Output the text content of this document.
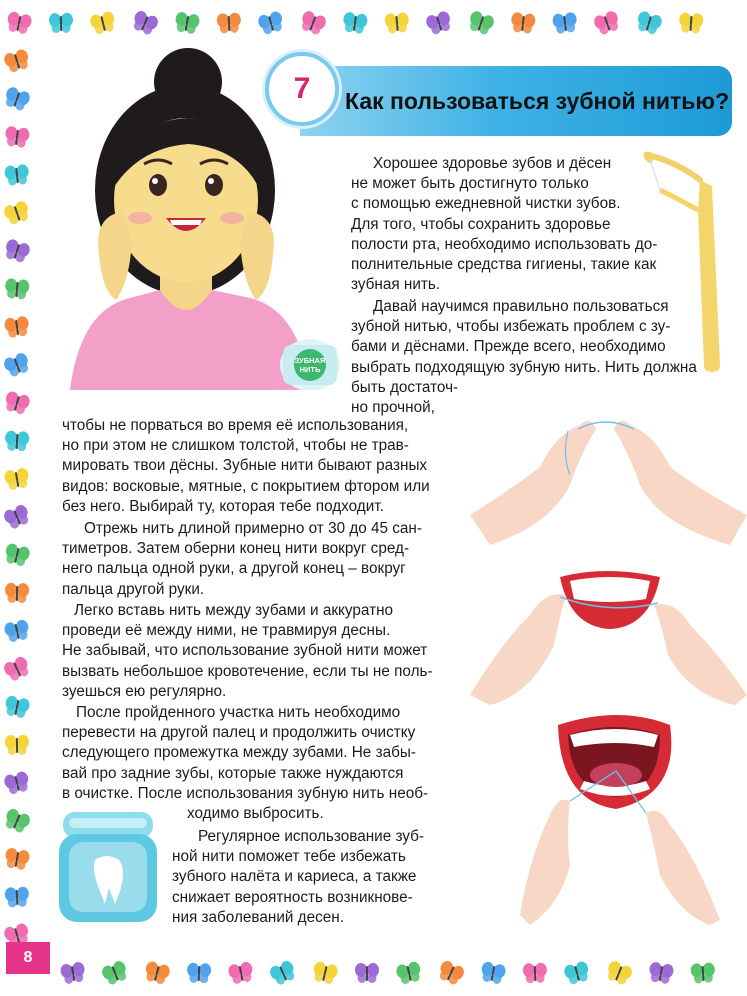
7 Как пользоваться зубной нитью?
ЗУБНАЯ
НИТЬ
Хорошее здоровье зубов и дёсен
не может быть достигнуто только
с помощью ежедневной чистки зубов.
Для того, чтобы сохранить здоровье
полости рта, необходимо использовать до-
полнительные средства гигиены, такие как
зубная нить.
Давай научимся правильно пользоваться
зубной нитью, чтобы избежать проблем с зу-
бами и дёснами. Прежде всего, необходимо
выбрать подходящую зубную нить. Нить должна
быть достаточ-
но прочной,
чтобы не порваться во время её использования,
но при этом не слишком толстой, чтобы не трав-
мировать твои дёсны. Зубные нити бывают разных
видов: восковые, мятные, с покрытием фтором или
без него. Выбирай ту, которая тебе подходит.
Отрежь нить длиной примерно от 30 до 45 сан-
тиметров. Затем оберни конец нити вокруг сред-
него пальца одной руки, а другой конец – вокруг
пальца другой руки.
Легко вставь нить между зубами и аккуратно
проведи её между ними, не травмируя десны.
Не забывай, что использование зубной нити может
вызвать небольшое кровотечение, если ты не поль-
зуешься ею регулярно.
После пройденного участка нить необходимо
перевести на другой палец и продолжить очистку
следующего промежутка между зубами. Не забы-
вай про задние зубы, которые также нуждаются
в очистке. После использования зубную нить необ-
ходимо выбросить.
Регулярное использование зуб-
ной нити поможет тебе избежать
зубного налёта и кариеса, а также
снижает вероятность возникнове-
ния заболеваний десен.
8
